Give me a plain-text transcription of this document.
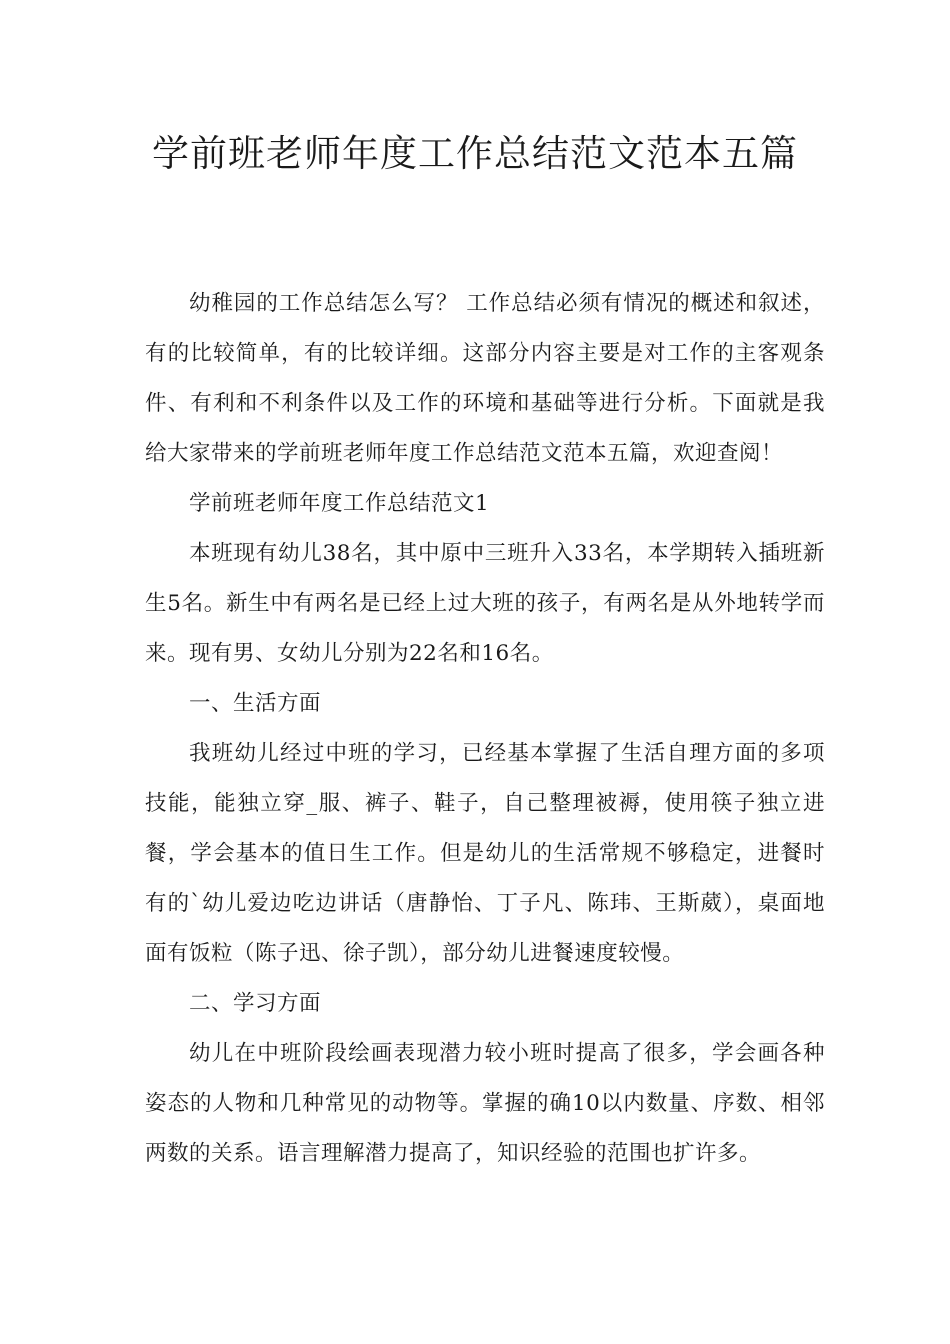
学前班老师年度工作总结范文范本五篇

幼稚园的工作总结怎么写？ 工作总结必须有情况的概述和叙述，有的比较简单，有的比较详细。这部分内容主要是对工作的主客观条件、有利和不利条件以及工作的环境和基础等进行分析。下面就是我给大家带来的学前班老师年度工作总结范文范本五篇，欢迎查阅！

学前班老师年度工作总结范文1

本班现有幼儿38名，其中原中三班升入33名，本学期转入插班新生5名。新生中有两名是已经上过大班的孩子，有两名是从外地转学而来。现有男、女幼儿分别为22名和16名。

一、生活方面

我班幼儿经过中班的学习，已经基本掌握了生活自理方面的多项技能，能独立穿_服、裤子、鞋子，自己整理被褥，使用筷子独立进餐，学会基本的值日生工作。但是幼儿的生活常规不够稳定，进餐时有的`幼儿爱边吃边讲话（唐静怡、丁子凡、陈玮、王斯葳），桌面地面有饭粒（陈子迅、徐子凯），部分幼儿进餐速度较慢。

二、学习方面

幼儿在中班阶段绘画表现潜力较小班时提高了很多，学会画各种姿态的人物和几种常见的动物等。掌握的确10以内数量、序数、相邻两数的关系。语言理解潜力提高了，知识经验的范围也扩许多。
